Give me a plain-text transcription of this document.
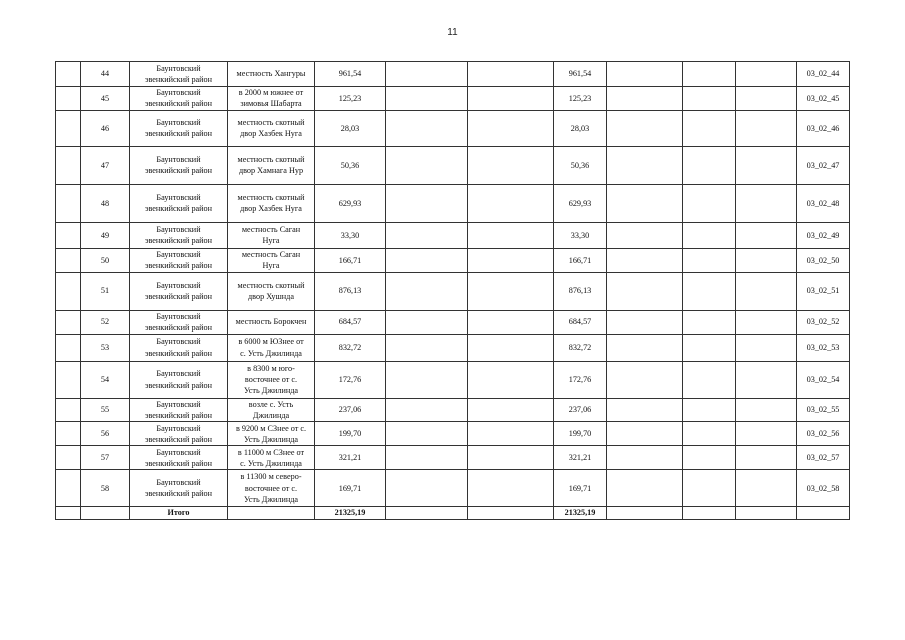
11
	44	Баунтовский
эвенкийский район	местность Хангуры	961,54			961,54				03_02_44
	45	Баунтовский
эвенкийский район	в 2000 м южнее от
зимовья Шабарта	125,23			125,23				03_02_45
	46	Баунтовский
эвенкийский район	местность скотный
двор Хазбек Нуга	28,03			28,03				03_02_46
	47	Баунтовский
эвенкийский район	местность скотный
двор Хамнага Нур	50,36			50,36				03_02_47
	48	Баунтовский
эвенкийский район	местность скотный
двор Хазбек Нуга	629,93			629,93				03_02_48
	49	Баунтовский
эвенкийский район	местность Саган
Нуга	33,30			33,30				03_02_49
	50	Баунтовский
эвенкийский район	местность Саган
Нуга	166,71			166,71				03_02_50
	51	Баунтовский
эвенкийский район	местность скотный
двор Хушнда	876,13			876,13				03_02_51
	52	Баунтовский
эвенкийский район	местность Борокчен	684,57			684,57				03_02_52
	53	Баунтовский
эвенкийский район	в 6000 м ЮЗнее от
с. Усть Джилинда	832,72			832,72				03_02_53
	54	Баунтовский
эвенкийский район	в 8300 м юго-
восточнее от с.
Усть Джилинда	172,76			172,76				03_02_54
	55	Баунтовский
эвенкийский район	возле с. Усть
Джилинда	237,06			237,06				03_02_55
	56	Баунтовский
эвенкийский район	в 9200 м СЗнее от с.
Усть Джилинда	199,70			199,70				03_02_56
	57	Баунтовский
эвенкийский район	в 11000 м СЗнее от
с. Усть Джилинда	321,21			321,21				03_02_57
	58	Баунтовский
эвенкийский район	в 11300 м северо-
восточнее от с.
Усть Джилинда	169,71			169,71				03_02_58
		Итого		21325,19			21325,19				
